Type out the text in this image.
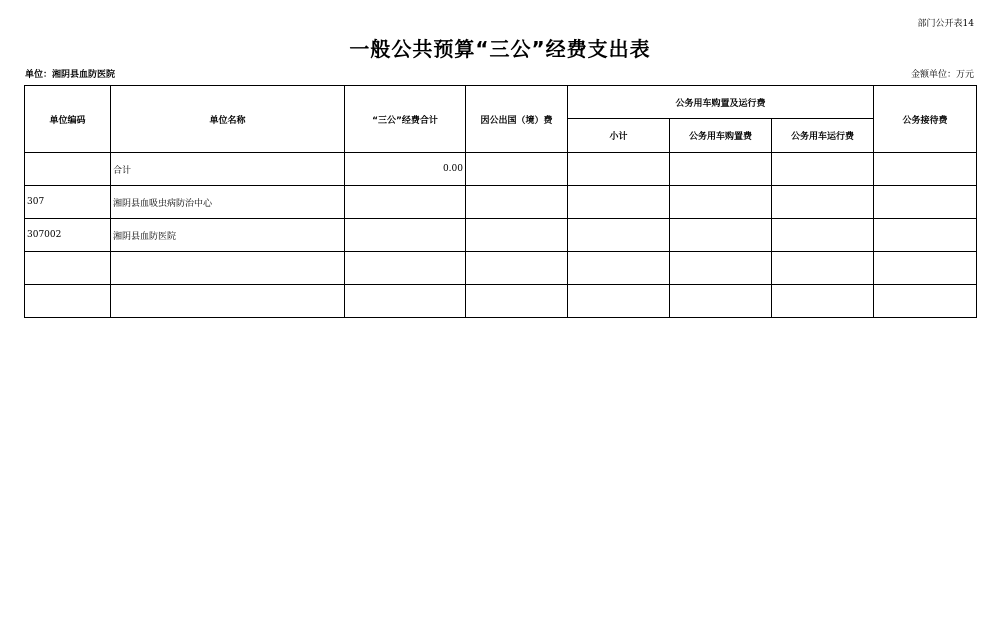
部门公开表14
一般公共预算“三公”经费支出表
单位：湘阴县血防医院	金额单位：万元
单位编码	单位名称	“三公”经费合计	因公出国（境）费	公务用车购置及运行费			公务接待费
				小计	公务用车购置费	公务用车运行费	
	合计	0.00					
307	湘阴县血吸虫病防治中心						
307002	湘阴县血防医院						
